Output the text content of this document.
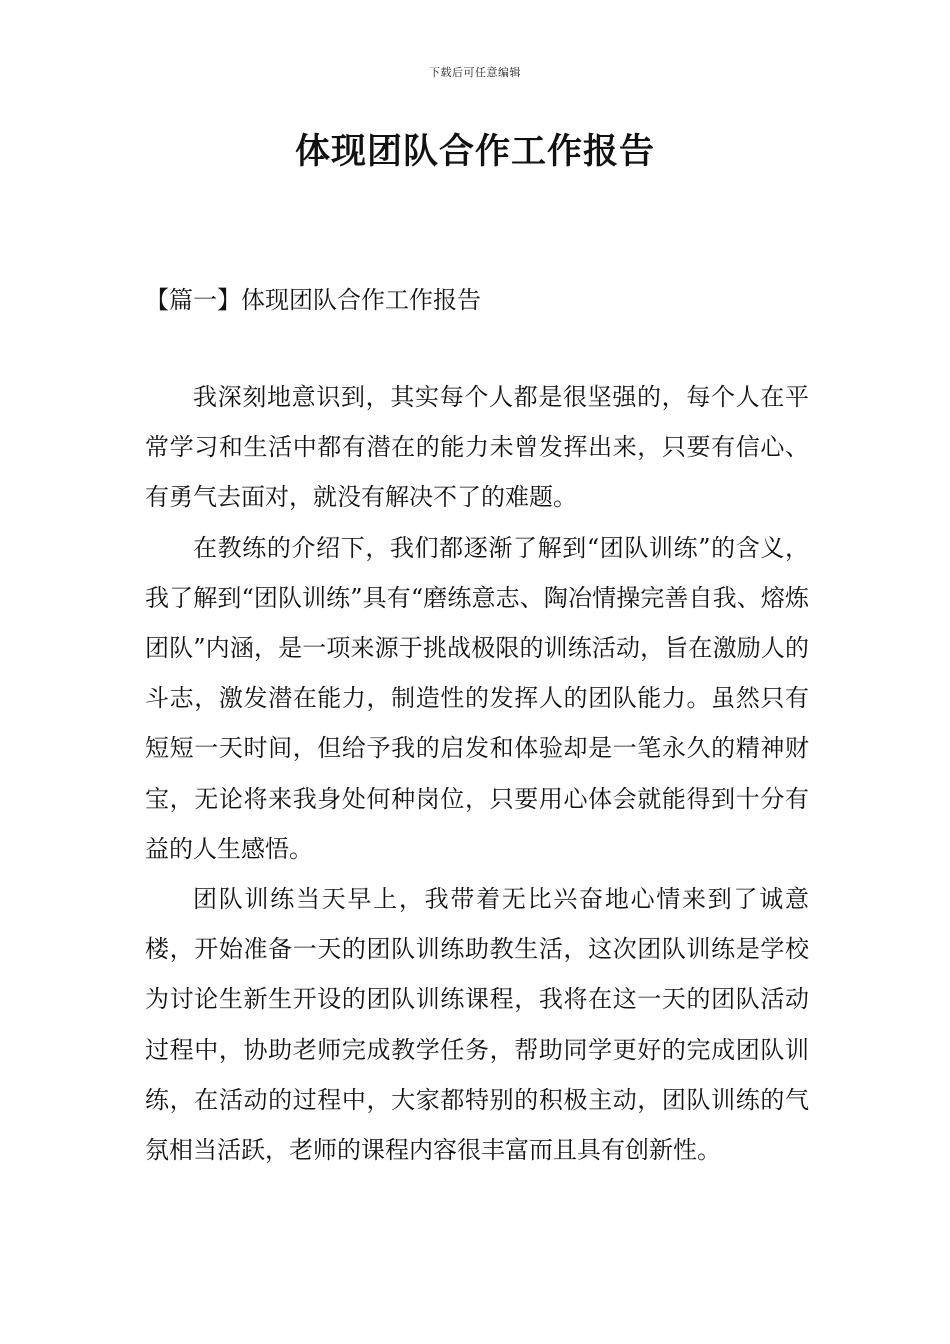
下载后可任意编辑
体现团队合作工作报告
【篇一】体现团队合作工作报告

我深刻地意识到，其实每个人都是很坚强的，每个人在平常学习和生活中都有潜在的能力未曾发挥出来，只要有信心、有勇气去面对，就没有解决不了的难题。

在教练的介绍下，我们都逐渐了解到“团队训练”的含义，我了解到“团队训练”具有“磨练意志、陶冶情操完善自我、熔炼团队”内涵，是一项来源于挑战极限的训练活动，旨在激励人的斗志，激发潜在能力，制造性的发挥人的团队能力。虽然只有短短一天时间，但给予我的启发和体验却是一笔永久的精神财宝，无论将来我身处何种岗位，只要用心体会就能得到十分有益的人生感悟。

团队训练当天早上，我带着无比兴奋地心情来到了诚意楼，开始准备一天的团队训练助教生活，这次团队训练是学校为讨论生新生开设的团队训练课程，我将在这一天的团队活动过程中，协助老师完成教学任务，帮助同学更好的完成团队训练，在活动的过程中，大家都特别的积极主动，团队训练的气氛相当活跃，老师的课程内容很丰富而且具有创新性。
